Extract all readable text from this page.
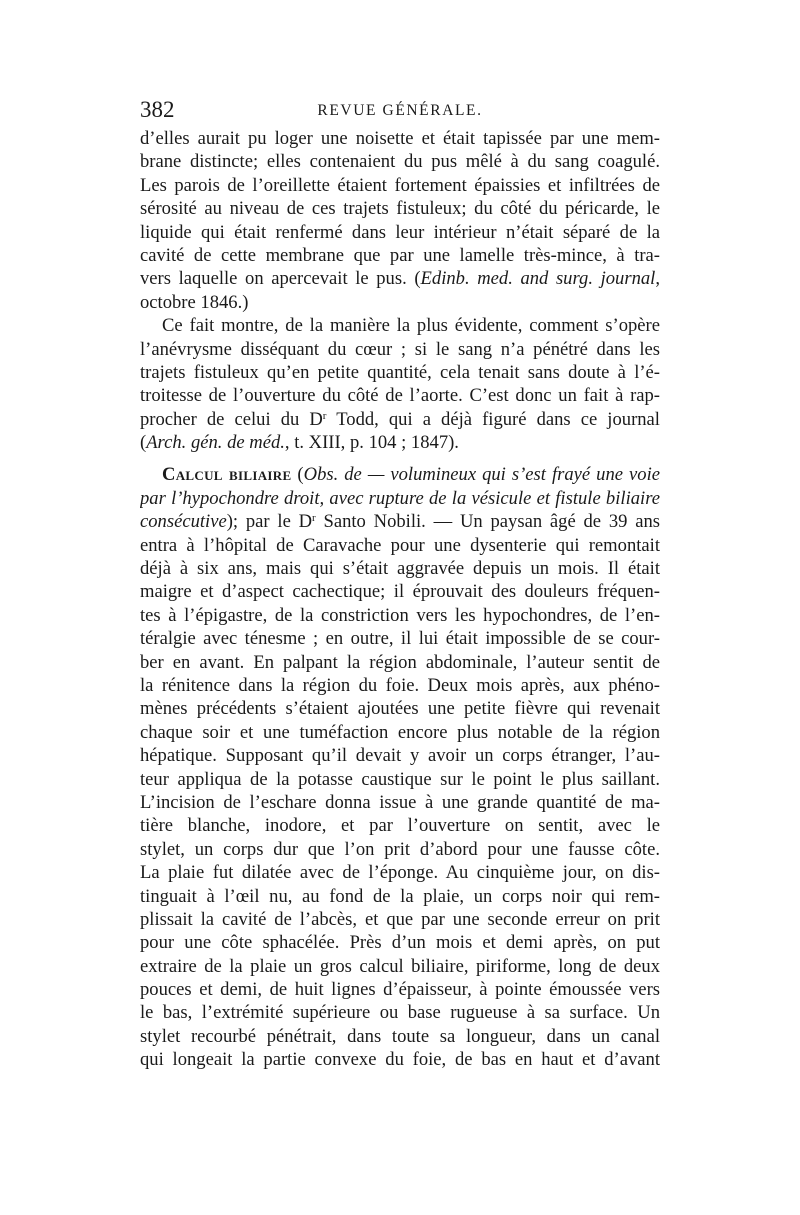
382	REVUE GÉNÉRALE.
d’elles aurait pu loger une noisette et était tapissée par une mem-
brane distincte; elles contenaient du pus mêlé à du sang coagulé.
Les parois de l’oreillette étaient fortement épaissies et infiltrées de
sérosité au niveau de ces trajets fistuleux; du côté du péricarde, le
liquide qui était renfermé dans leur intérieur n’était séparé de la
cavité de cette membrane que par une lamelle très-mince, à tra-
vers laquelle on apercevait le pus. (Edinb. med. and surg. journal,
octobre 1846.)
Ce fait montre, de la manière la plus évidente, comment s’opère
l’anévrysme disséquant du cœur ; si le sang n’a pénétré dans les
trajets fistuleux qu’en petite quantité, cela tenait sans doute à l’é-
troitesse de l’ouverture du côté de l’aorte. C’est donc un fait à rap-
procher de celui du $D^r$ Todd, qui a déjà figuré dans ce journal
(Arch. gén. de méd., t. XIII, p. 104 ; 1847).
Calcul biliaire (Obs. de — volumineux qui s’est frayé une voie
par l’hypochondre droit, avec rupture de la vésicule et fistule biliaire
consécutive); par le $D^r$ Santo Nobili. — Un paysan âgé de 39 ans
entra à l’hôpital de Caravache pour une dysenterie qui remontait
déjà à six ans, mais qui s’était aggravée depuis un mois. Il était
maigre et d’aspect cachectique; il éprouvait des douleurs fréquen-
tes à l’épigastre, de la constriction vers les hypochondres, de l’en-
téralgie avec ténesme ; en outre, il lui était impossible de se cour-
ber en avant. En palpant la région abdominale, l’auteur sentit de
la rénitence dans la région du foie. Deux mois après, aux phéno-
mènes précédents s’étaient ajoutées une petite fièvre qui revenait
chaque soir et une tuméfaction encore plus notable de la région
hépatique. Supposant qu’il devait y avoir un corps étranger, l’au-
teur appliqua de la potasse caustique sur le point le plus saillant.
L’incision de l’eschare donna issue à une grande quantité de ma-
tière blanche, inodore, et par l’ouverture on sentit, avec le
stylet, un corps dur que l’on prit d’abord pour une fausse côte.
La plaie fut dilatée avec de l’éponge. Au cinquième jour, on dis-
tinguait à l’œil nu, au fond de la plaie, un corps noir qui rem-
plissait la cavité de l’abcès, et que par une seconde erreur on prit
pour une côte sphacélée. Près d’un mois et demi après, on put
extraire de la plaie un gros calcul biliaire, piriforme, long de deux
pouces et demi, de huit lignes d’épaisseur, à pointe émoussée vers
le bas, l’extrémité supérieure ou base rugueuse à sa surface. Un
stylet recourbé pénétrait, dans toute sa longueur, dans un canal
qui longeait la partie convexe du foie, de bas en haut et d’avant
